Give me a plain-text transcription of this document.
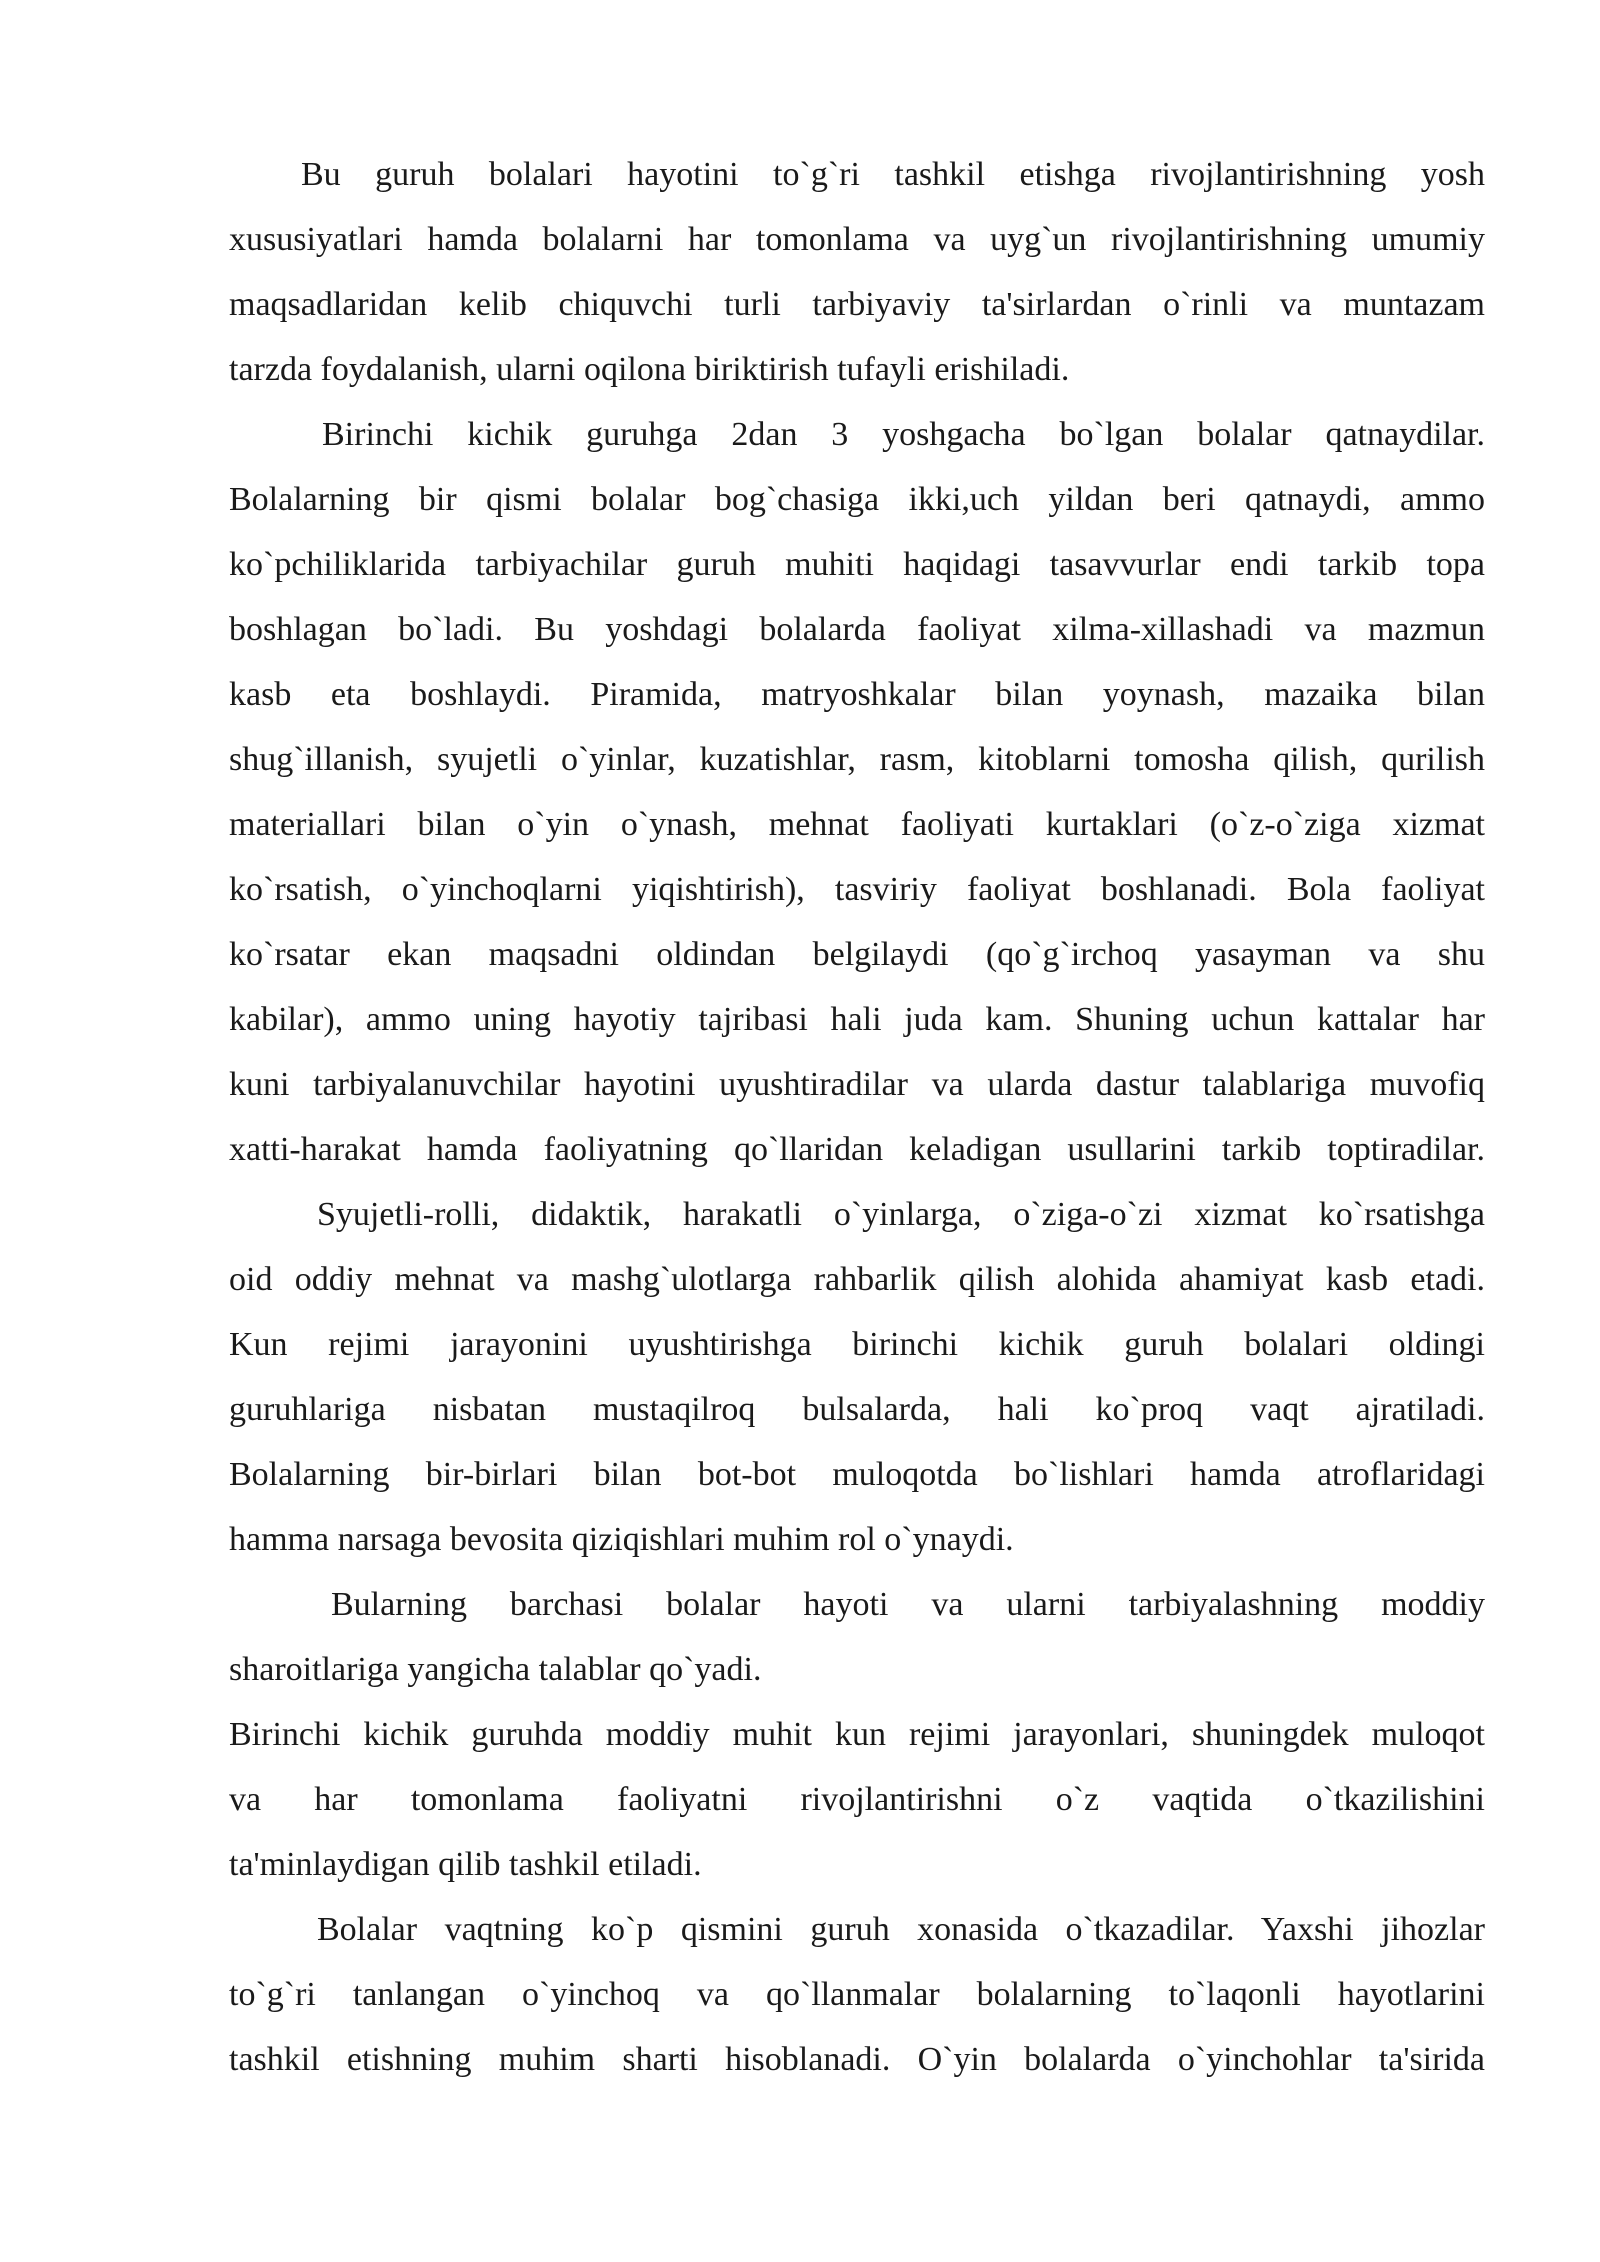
Bu guruh bolalari hayotini to`g`ri tashkil etishga rivojlantirishning yosh
xususiyatlari hamda bolalarni har tomonlama va uyg`un rivojlantirishning umumiy
maqsadlaridan kelib chiquvchi turli tarbiyaviy ta'sirlardan o`rinli va muntazam
tarzda foydalanish, ularni oqilona biriktirish tufayli erishiladi.
Birinchi kichik guruhga 2dan 3 yoshgacha bo`lgan bolalar qatnaydilar.
Bolalarning bir qismi bolalar bog`chasiga ikki,uch yildan beri qatnaydi, ammo
ko`pchiliklarida tarbiyachilar guruh muhiti haqidagi tasavvurlar endi tarkib topa
boshlagan bo`ladi. Bu yoshdagi bolalarda faoliyat xilma-xillashadi va mazmun
kasb eta boshlaydi. Piramida, matryoshkalar bilan yoynash, mazaika bilan
shug`illanish, syujetli o`yinlar, kuzatishlar, rasm, kitoblarni tomosha qilish, qurilish
materiallari bilan o`yin o`ynash, mehnat faoliyati kurtaklari (o`z-o`ziga xizmat
ko`rsatish, o`yinchoqlarni yiqishtirish), tasviriy faoliyat boshlanadi. Bola faoliyat
ko`rsatar ekan maqsadni oldindan belgilaydi (qo`g`irchoq yasayman va shu
kabilar), ammo uning hayotiy tajribasi hali juda kam. Shuning uchun kattalar har
kuni tarbiyalanuvchilar hayotini uyushtiradilar va ularda dastur talablariga muvofiq
xatti-harakat hamda faoliyatning qo`llaridan keladigan usullarini tarkib toptiradilar.
Syujetli-rolli, didaktik, harakatli o`yinlarga, o`ziga-o`zi xizmat ko`rsatishga
oid oddiy mehnat va mashg`ulotlarga rahbarlik qilish alohida ahamiyat kasb etadi.
Kun rejimi jarayonini uyushtirishga birinchi kichik guruh bolalari oldingi
guruhlariga nisbatan mustaqilroq bulsalarda, hali ko`proq vaqt ajratiladi.
Bolalarning bir-birlari bilan bot-bot muloqotda bo`lishlari hamda atroflaridagi
hamma narsaga bevosita qiziqishlari muhim rol o`ynaydi.
Bularning barchasi bolalar hayoti va ularni tarbiyalashning moddiy
sharoitlariga yangicha talablar qo`yadi.
Birinchi kichik guruhda moddiy muhit kun rejimi jarayonlari, shuningdek muloqot
va har tomonlama faoliyatni rivojlantirishni o`z vaqtida o`tkazilishini
ta'minlaydigan qilib tashkil etiladi.
Bolalar vaqtning ko`p qismini guruh xonasida o`tkazadilar. Yaxshi jihozlar
to`g`ri tanlangan o`yinchoq va qo`llanmalar bolalarning to`laqonli hayotlarini
tashkil etishning muhim sharti hisoblanadi. O`yin bolalarda o`yinchohlar ta'sirida
